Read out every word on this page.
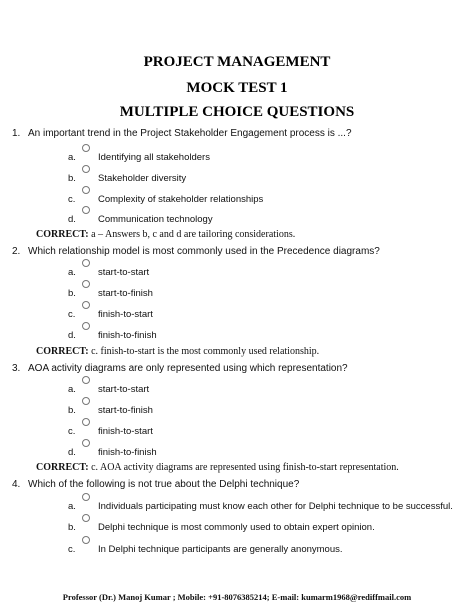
PROJECT MANAGEMENT
MOCK TEST 1
MULTIPLE CHOICE QUESTIONS
1. An important trend in the Project Stakeholder Engagement process is ...?
a. Identifying all stakeholders
b. Stakeholder diversity
c. Complexity of stakeholder relationships
d. Communication technology
CORRECT: a – Answers b, c and d are tailoring considerations.
2. Which relationship model is most commonly used in the Precedence diagrams?
a. start-to-start
b. start-to-finish
c. finish-to-start
d. finish-to-finish
CORRECT: c. finish-to-start is the most commonly used relationship.
3. AOA activity diagrams are only represented using which representation?
a. start-to-start
b. start-to-finish
c. finish-to-start
d. finish-to-finish
CORRECT: c. AOA activity diagrams are represented using finish-to-start representation.
4. Which of the following is not true about the Delphi technique?
a. Individuals participating must know each other for Delphi technique to be successful.
b. Delphi technique is most commonly used to obtain expert opinion.
c. In Delphi technique participants are generally anonymous.
Professor (Dr.) Manoj Kumar ; Mobile: +91-8076385214; E-mail: kumarm1968@rediffmail.com
